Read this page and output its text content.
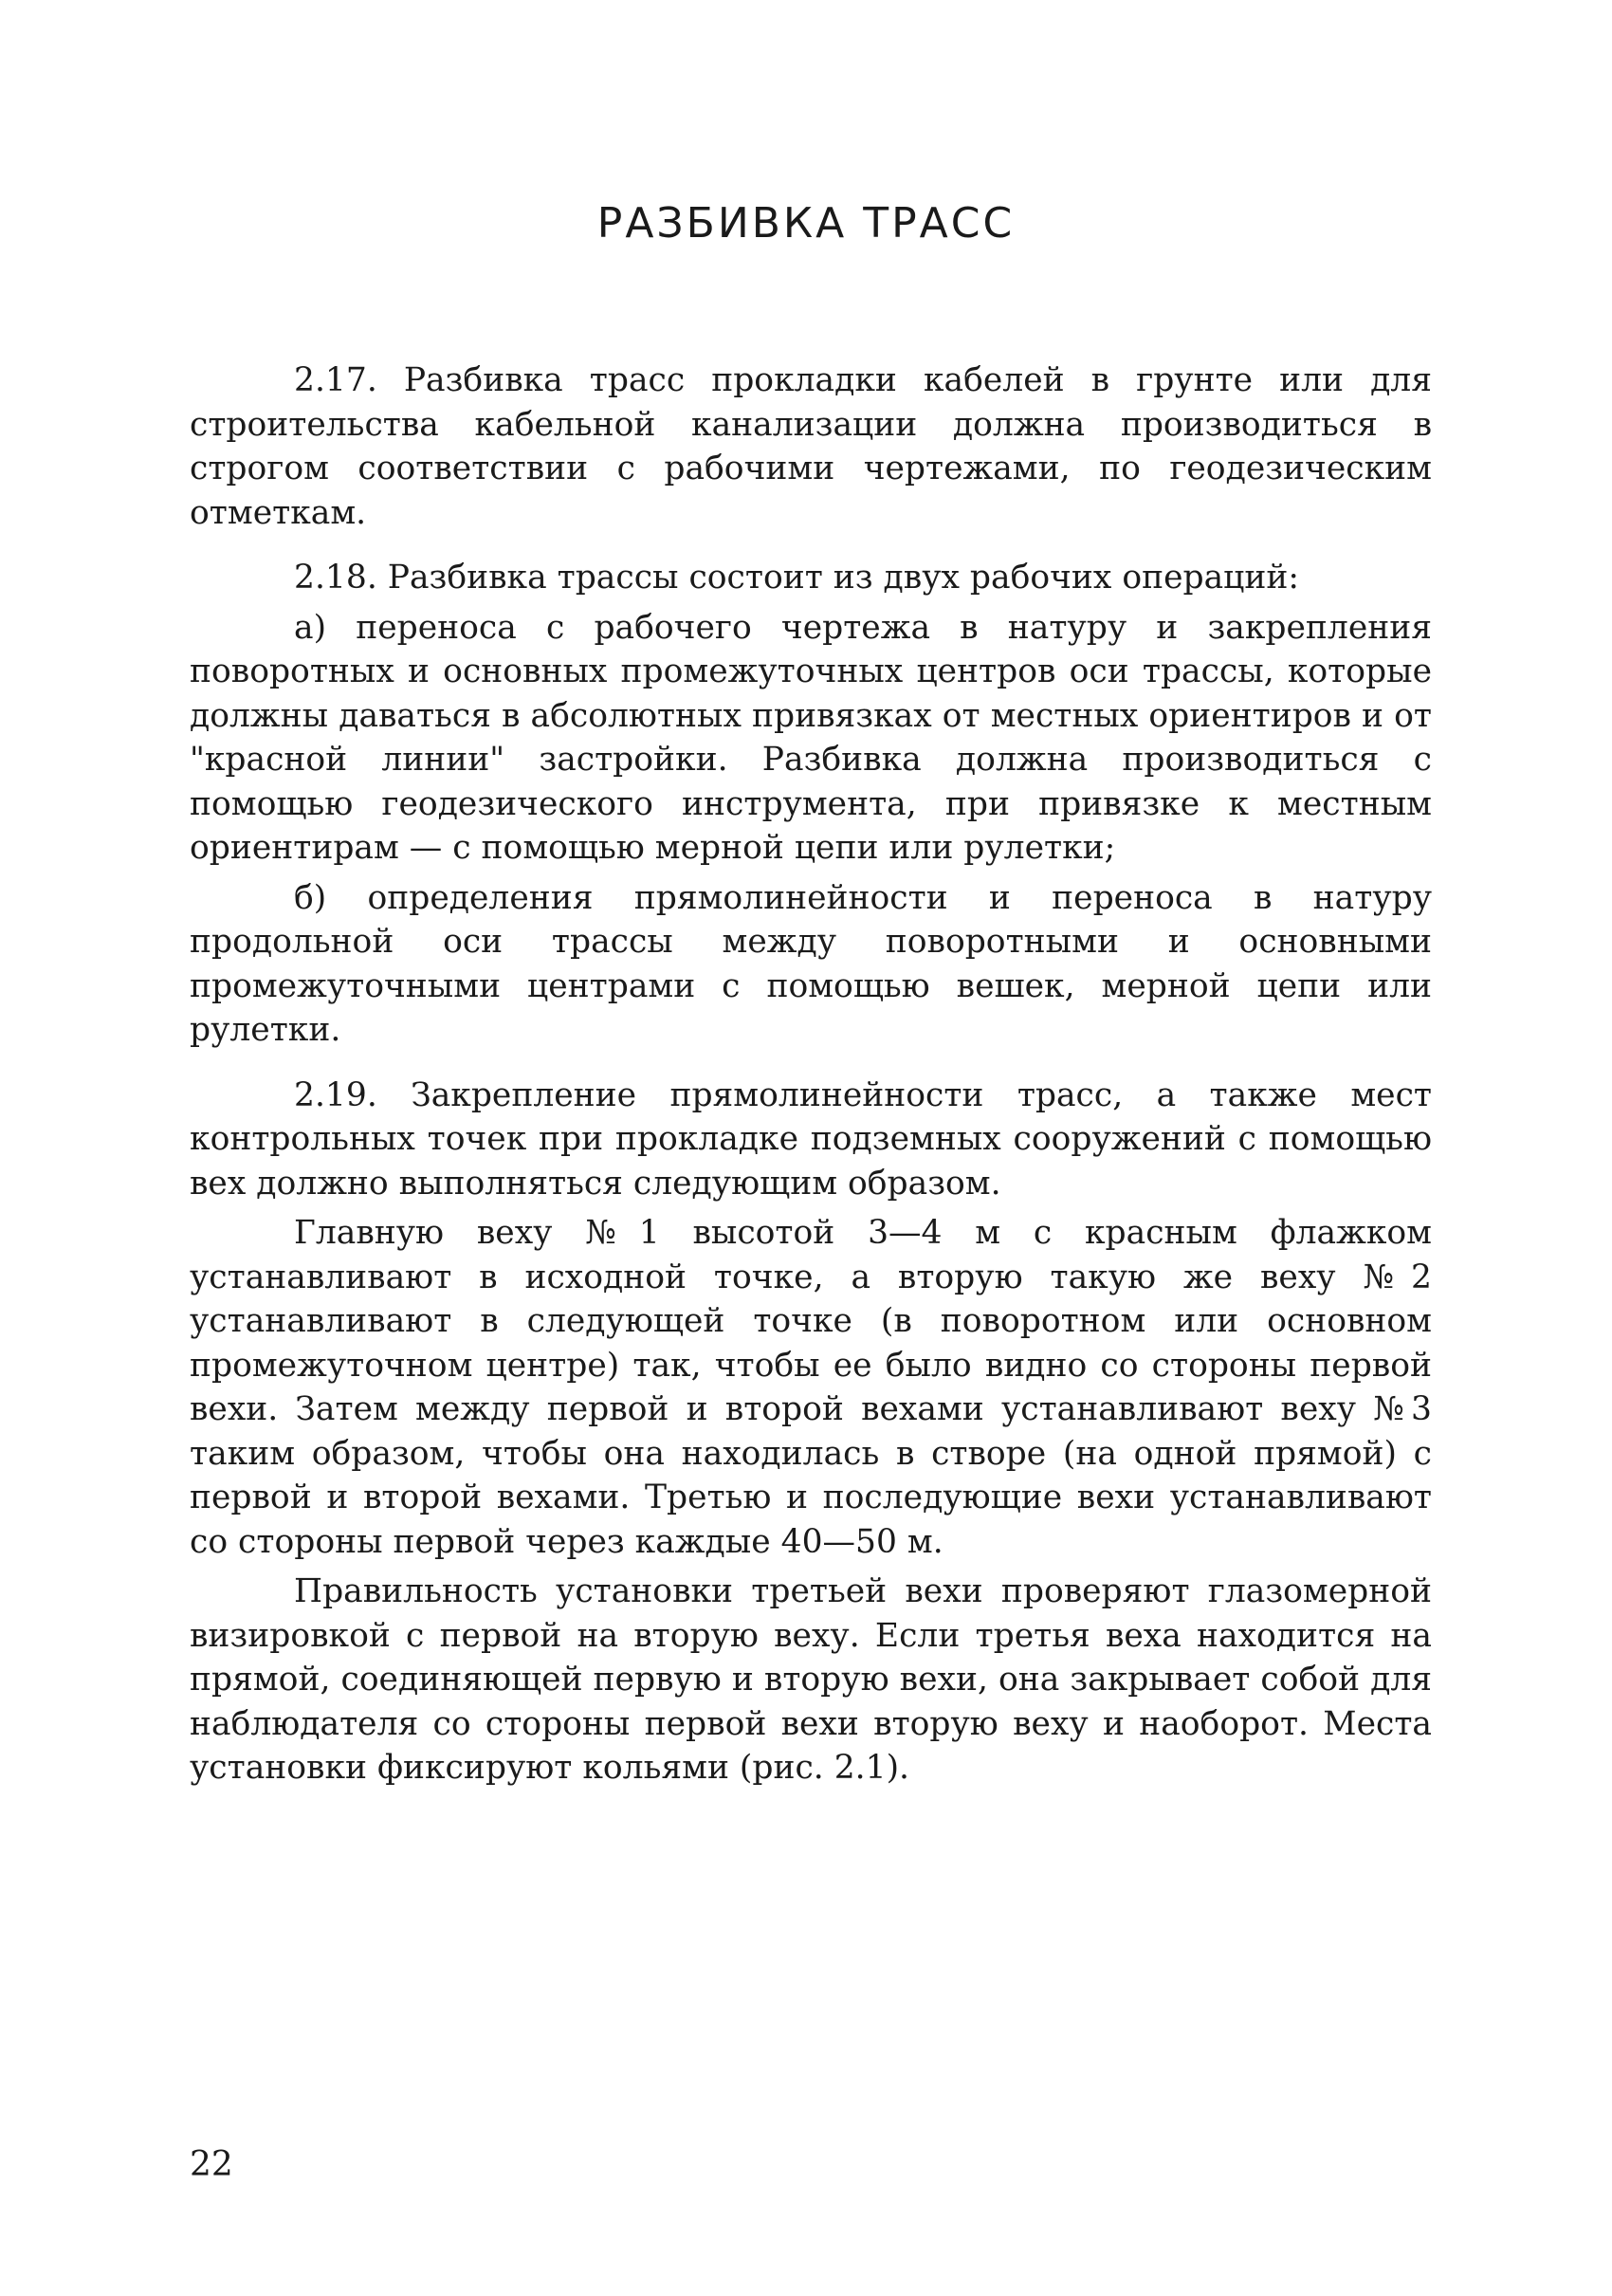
РАЗБИВКА ТРАСС

2.17. Разбивка трасс прокладки кабелей в грунте или для строительства кабельной канализации должна производиться в строгом соответствии с рабочими чертежами, по геодезическим отметкам.

2.18. Разбивка трассы состоит из двух рабочих операций:

а) переноса с рабочего чертежа в натуру и закрепления поворотных и основных промежуточных центров оси трассы, которые должны даваться в абсолютных привязках от местных ориентиров и от "красной линии" застройки. Разбивка должна производиться с помощью геодезического инструмента, при привязке к местным ориентирам — с помощью мерной цепи или рулетки;

б) определения прямолинейности и переноса в натуру продольной оси трассы между поворотными и основными промежуточными центрами с помощью вешек, мерной цепи или рулетки.

2.19. Закрепление прямолинейности трасс, а также мест контрольных точек при прокладке подземных сооружений с помощью вех должно выполняться следующим образом.

Главную веху №1 высотой 3—4 м с красным флажком устанавливают в исходной точке, а вторую такую же веху №2 устанавливают в следующей точке (в поворотном или основном промежуточном центре) так, чтобы ее было видно со стороны первой вехи. Затем между первой и второй вехами устанавливают веху №3 таким образом, чтобы она находилась в створе (на одной прямой) с первой и второй вехами. Третью и последующие вехи устанавливают со стороны первой через каждые 40—50 м.

Правильность установки третьей вехи проверяют глазомерной визировкой с первой на вторую веху. Если третья веха находится на прямой, соединяющей первую и вторую вехи, она закрывает собой для наблюдателя со стороны первой вехи вторую веху и наоборот. Места установки фиксируют кольями (рис. 2.1).

22
